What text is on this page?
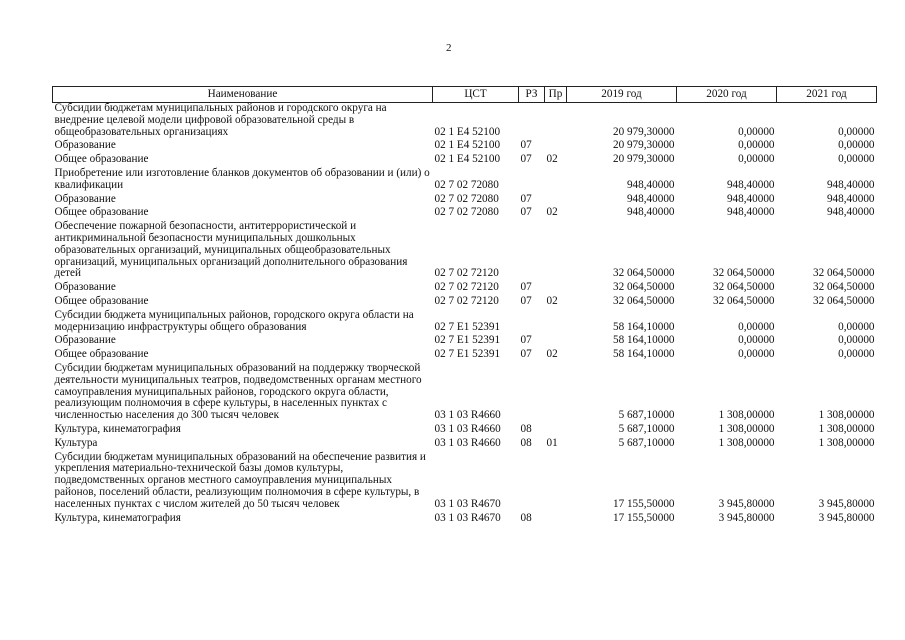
2
Наименование	ЦСТ	РЗ	Пр	2019 год	2020 год	2021 год
Субсидии бюджетам муниципальных районов и городского округа на внедрение целевой модели цифровой образовательной среды в общеобразовательных организациях	02 1 E4 52100			20 979,30000	0,00000	0,00000
Образование	02 1 E4 52100	07		20 979,30000	0,00000	0,00000
Общее образование	02 1 E4 52100	07	02	20 979,30000	0,00000	0,00000
Приобретение или изготовление бланков документов об образовании и (или) о квалификации	02 7 02 72080			948,40000	948,40000	948,40000
Образование	02 7 02 72080	07		948,40000	948,40000	948,40000
Общее образование	02 7 02 72080	07	02	948,40000	948,40000	948,40000
Обеспечение пожарной безопасности, антитеррористической и антикриминальной безопасности муниципальных дошкольных образовательных организаций, муниципальных общеобразовательных организаций, муниципальных организаций дополнительного образования детей	02 7 02 72120			32 064,50000	32 064,50000	32 064,50000
Образование	02 7 02 72120	07		32 064,50000	32 064,50000	32 064,50000
Общее образование	02 7 02 72120	07	02	32 064,50000	32 064,50000	32 064,50000
Субсидии бюджета муниципальных районов, городского округа области на модернизацию инфраструктуры общего образования	02 7 E1 52391			58 164,10000	0,00000	0,00000
Образование	02 7 E1 52391	07		58 164,10000	0,00000	0,00000
Общее образование	02 7 E1 52391	07	02	58 164,10000	0,00000	0,00000
Субсидии бюджетам муниципальных образований на поддержку творческой деятельности муниципальных театров, подведомственных органам местного самоуправления муниципальных районов, городского округа области, реализующим полномочия в сфере культуры, в населенных пунктах с численностью населения до 300 тысяч человек	03 1 03 R4660			5 687,10000	1 308,00000	1 308,00000
Культура, кинематография	03 1 03 R4660	08		5 687,10000	1 308,00000	1 308,00000
Культура	03 1 03 R4660	08	01	5 687,10000	1 308,00000	1 308,00000
Субсидии бюджетам муниципальных образований на обеспечение развития и укрепления материально-технической базы домов культуры, подведомственных органов местного самоуправления муниципальных районов, поселений области, реализующим полномочия в сфере культуры, в населенных пунктах с числом жителей до 50 тысяч человек	03 1 03 R4670			17 155,50000	3 945,80000	3 945,80000
Культура, кинематография	03 1 03 R4670	08		17 155,50000	3 945,80000	3 945,80000
